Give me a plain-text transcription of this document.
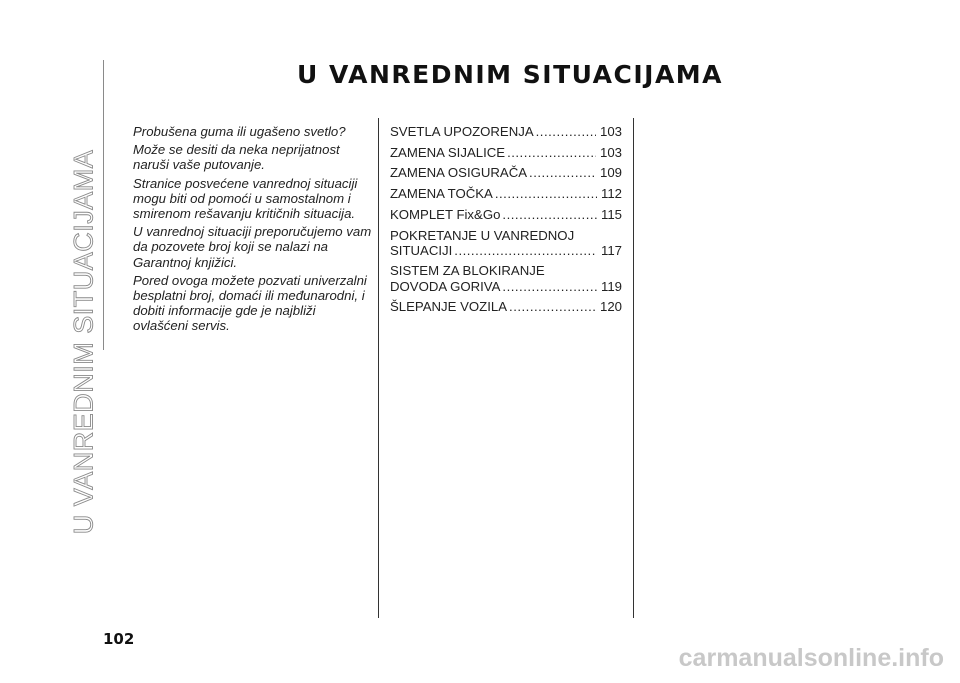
U VANREDNIM SITUACIJAMA
U VANREDNIM SITUACIJAMA

Probušena guma ili ugašeno svetlo?

Može se desiti da neka neprijatnost naruši vaše putovanje.

Stranice posvećene vanrednoj situaciji mogu biti od pomoći u samostalnom i smirenom rešavanju kritičnih situacija.

U vanrednoj situaciji preporučujemo vam da pozovete broj koji se nalazi na Garantnoj knjižici.

Pored ovoga možete pozvati univerzalni besplatni broj, domaći ili međunarodni, i dobiti informacije gde je najbliži ovlašćeni servis.

SVETLA UPOZORENJA .....	103
ZAMENA SIJALICE .....	103
ZAMENA OSIGURAČA .....	109
ZAMENA TOČKA .....	112
KOMPLET Fix&Go .....	115
POKRETANJE U VANREDNOJ
SITUACIJI .....	117
SISTEM ZA BLOKIRANJE
DOVODA GORIVA .....	119
ŠLEPANJE VOZILA .....	120
102
carmanualsonline.info
